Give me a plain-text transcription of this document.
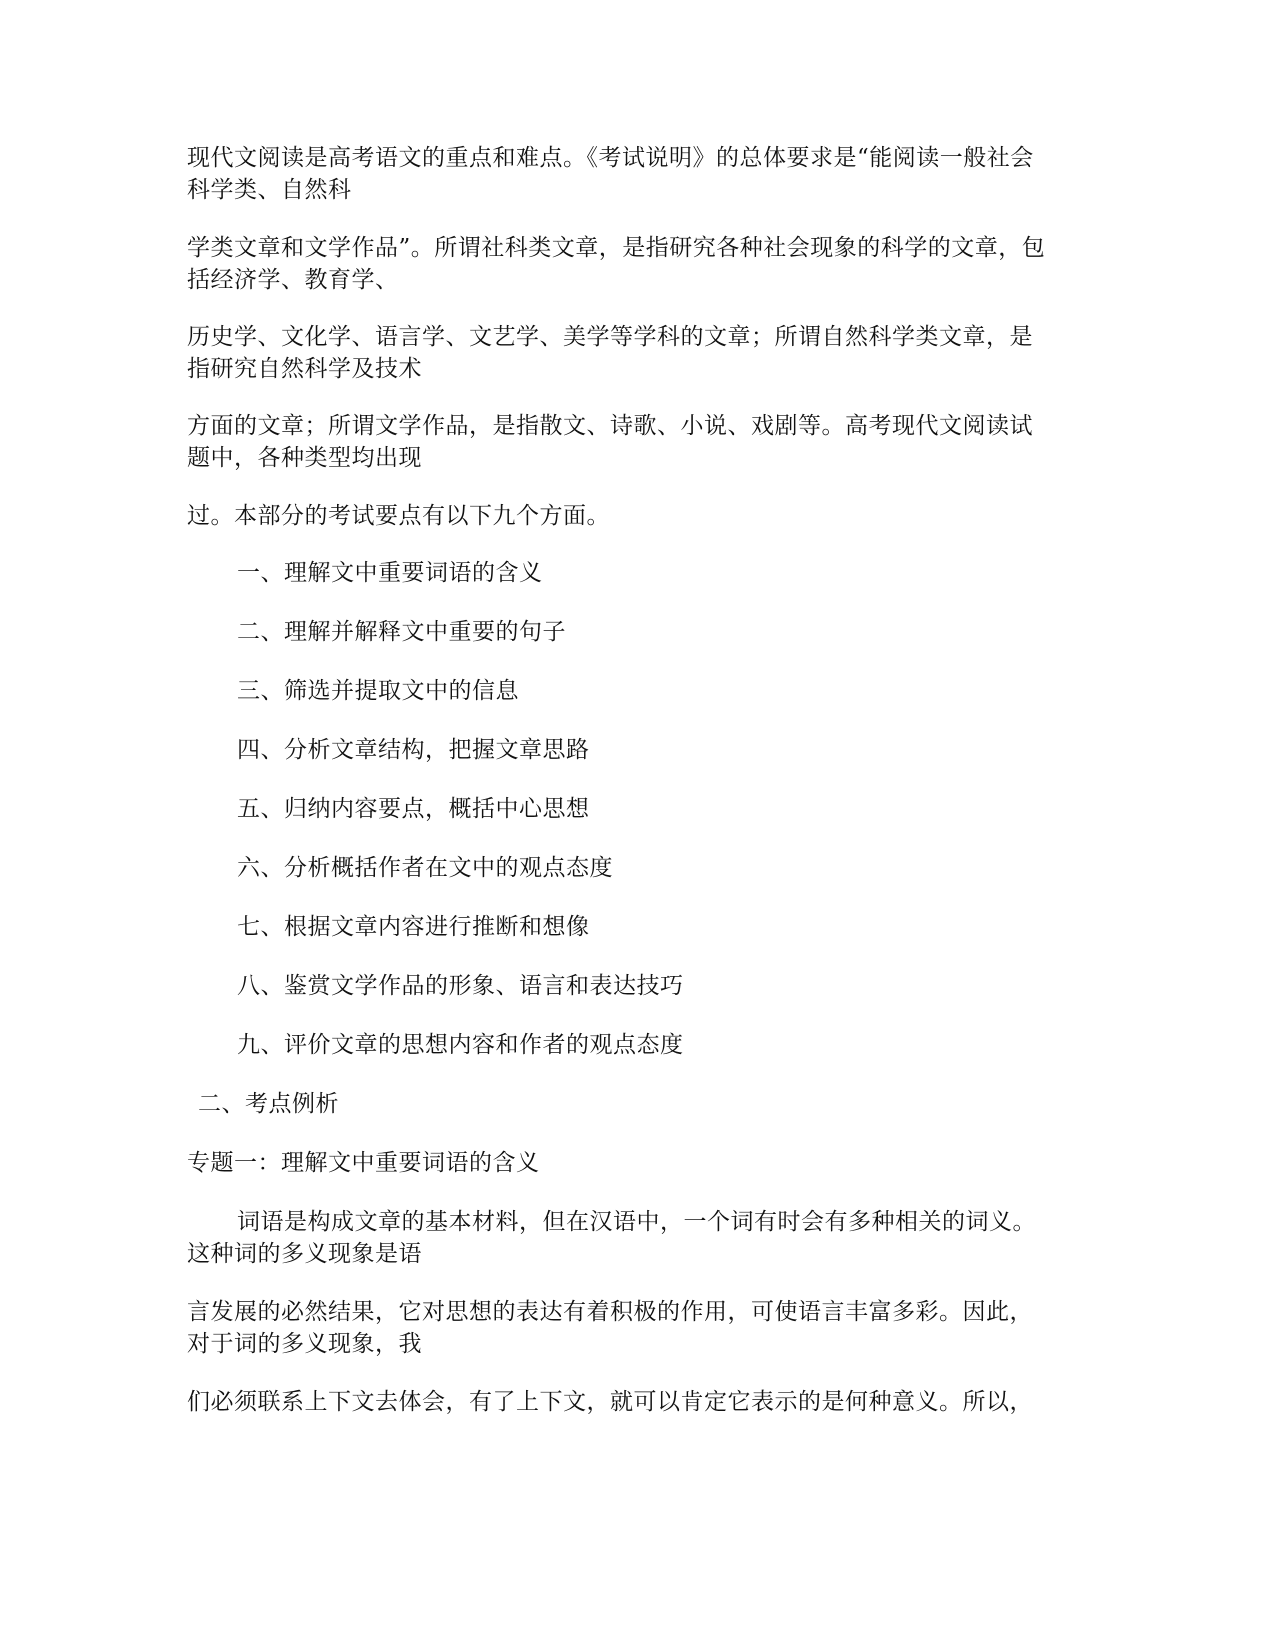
现代文阅读是高考语文的重点和难点。《考试说明》的总体要求是“能阅读一般社会
科学类、自然科
学类文章和文学作品”。所谓社科类文章，是指研究各种社会现象的科学的文章，包
括经济学、教育学、
历史学、文化学、语言学、文艺学、美学等学科的文章；所谓自然科学类文章，是
指研究自然科学及技术
方面的文章；所谓文学作品，是指散文、诗歌、小说、戏剧等。高考现代文阅读试
题中，各种类型均出现
过。本部分的考试要点有以下九个方面。
一、理解文中重要词语的含义
二、理解并解释文中重要的句子
三、筛选并提取文中的信息
四、分析文章结构，把握文章思路
五、归纳内容要点，概括中心思想
六、分析概括作者在文中的观点态度
七、根据文章内容进行推断和想像
八、鉴赏文学作品的形象、语言和表达技巧
九、评价文章的思想内容和作者的观点态度
二、考点例析
专题一：理解文中重要词语的含义
词语是构成文章的基本材料，但在汉语中，一个词有时会有多种相关的词义。
这种词的多义现象是语
言发展的必然结果，它对思想的表达有着积极的作用，可使语言丰富多彩。因此，
对于词的多义现象，我
们必须联系上下文去体会，有了上下文，就可以肯定它表示的是何种意义。所以，
